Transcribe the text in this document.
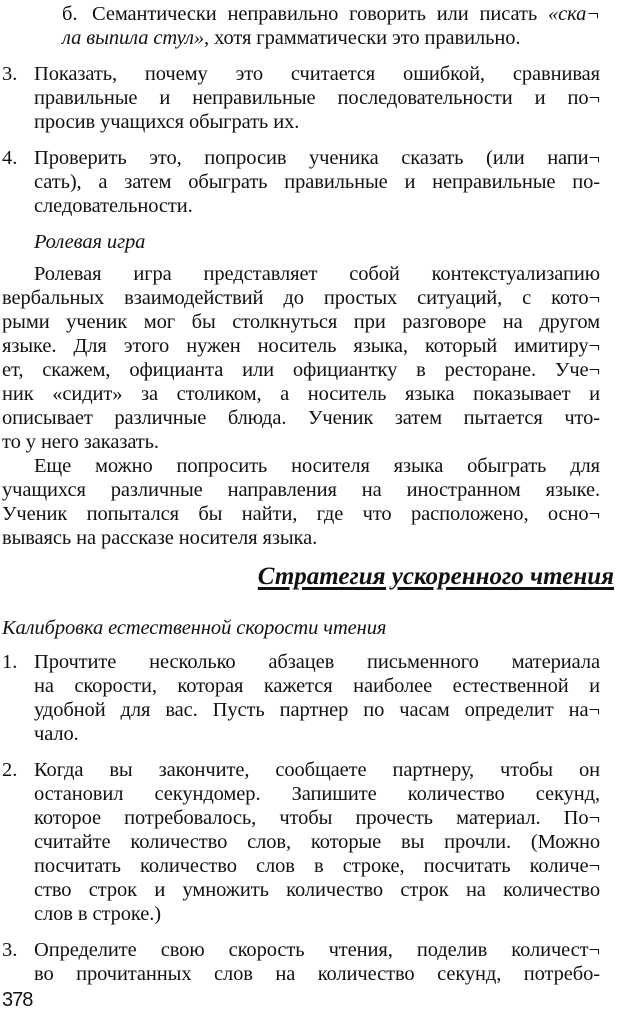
б. Семантически неправильно говорить или писать «ска¬
ла выпила стул», хотя грамматически это правильно.
3. Показать, почему это считается ошибкой, сравнивая
правильные и неправильные последовательности и по¬
просив учащихся обыграть их.
4. Проверить это, попросив ученика сказать (или напи¬
сать), а затем обыграть правильные и неправильные по-
следовательности.
Ролевая игра
Ролевая игра представляет собой контекстуализапию
вербальных взаимодействий до простых ситуаций, с кото¬
рыми ученик мог бы столкнуться при разговоре на другом
языке. Для этого нужен носитель языка, который имитиру¬
ет, скажем, официанта или официантку в ресторане. Уче¬
ник «сидит» за столиком, а носитель языка показывает и
описывает различные блюда. Ученик затем пытается что-
то у него заказать.
Еще можно попросить носителя языка обыграть для
учащихся различные направления на иностранном языке.
Ученик попытался бы найти, где что расположено, осно¬
вываясь на рассказе носителя языка.
Стратегия ускоренного чтения
Калибровка естественной скорости чтения
1. Прочтите несколько абзацев письменного материала
на скорости, которая кажется наиболее естественной и
удобной для вас. Пусть партнер по часам определит на¬
чало.
2. Когда вы закончите, сообщаете партнеру, чтобы он
остановил секундомер. Запишите количество секунд,
которое потребовалось, чтобы прочесть материал. По¬
считайте количество слов, которые вы прочли. (Можно
посчитать количество слов в строке, посчитать количе¬
ство строк и умножить количество строк на количество
слов в строке.)
3. Определите свою скорость чтения, поделив количест¬
во прочитанных слов на количество секунд, потребо-
378
